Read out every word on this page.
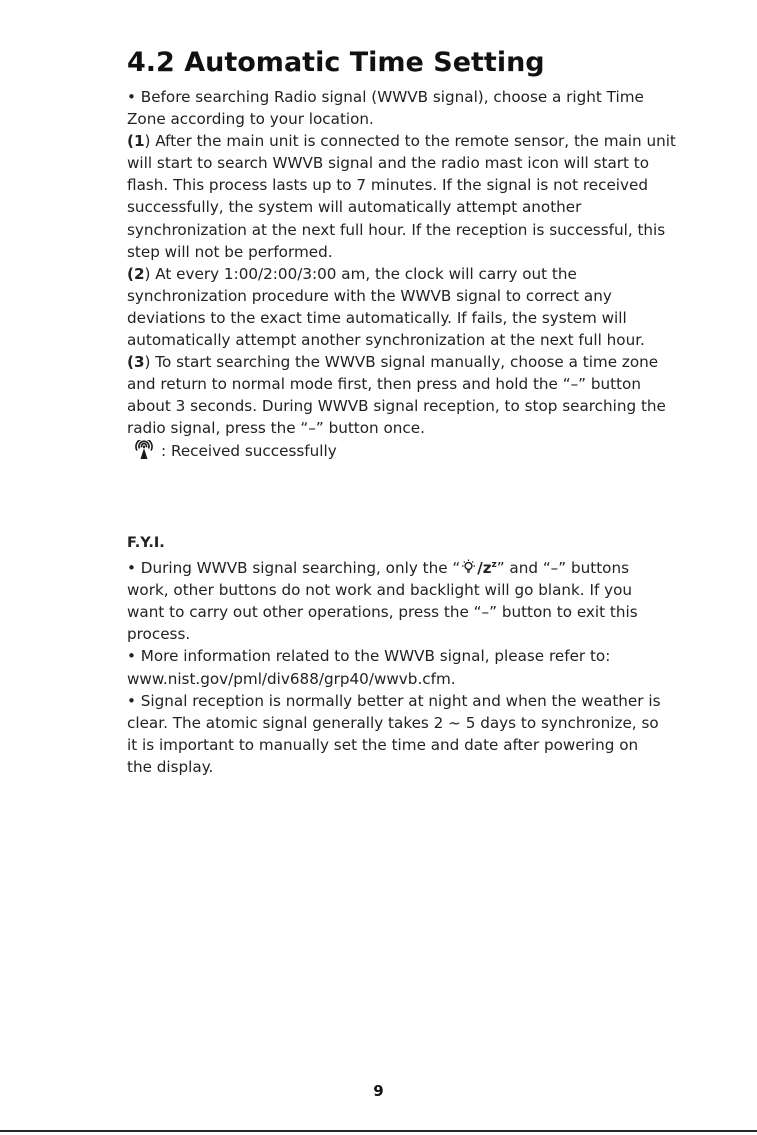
4.2 Automatic Time Setting

• Before searching Radio signal (WWVB signal), choose a right Time

Zone according to your location.

(1) After the main unit is connected to the remote sensor, the main unit

will start to search WWVB signal and the radio mast icon will start to

flash. This process lasts up to 7 minutes. If the signal is not received

successfully, the system will automatically attempt another

synchronization at the next full hour. If the reception is successful, this

step will not be performed.

(2) At every 1:00/2:00/3:00 am, the clock will carry out the

synchronization procedure with the WWVB signal to correct any

deviations to the exact time automatically. If fails, the system will

automatically attempt another synchronization at the next full hour.

(3) To start searching the WWVB signal manually, choose a time zone

and return to normal mode first, then press and hold the “–” button

about 3 seconds. During WWVB signal reception, to stop searching the

radio signal, press the “–” button once.

: Received successfully

F.Y.I.

• During WWVB signal searching, only the “ $/z^z$” and “–” buttons

work, other buttons do not work and backlight will go blank. If you

want to carry out other operations, press the “–” button to exit this

process.

• More information related to the WWVB signal, please refer to:

www.nist.gov/pml/div688/grp40/wwvb.cfm.

• Signal reception is normally better at night and when the weather is

clear. The atomic signal generally takes 2 ~ 5 days to synchronize, so

it is important to manually set the time and date after powering on

the display.

9
